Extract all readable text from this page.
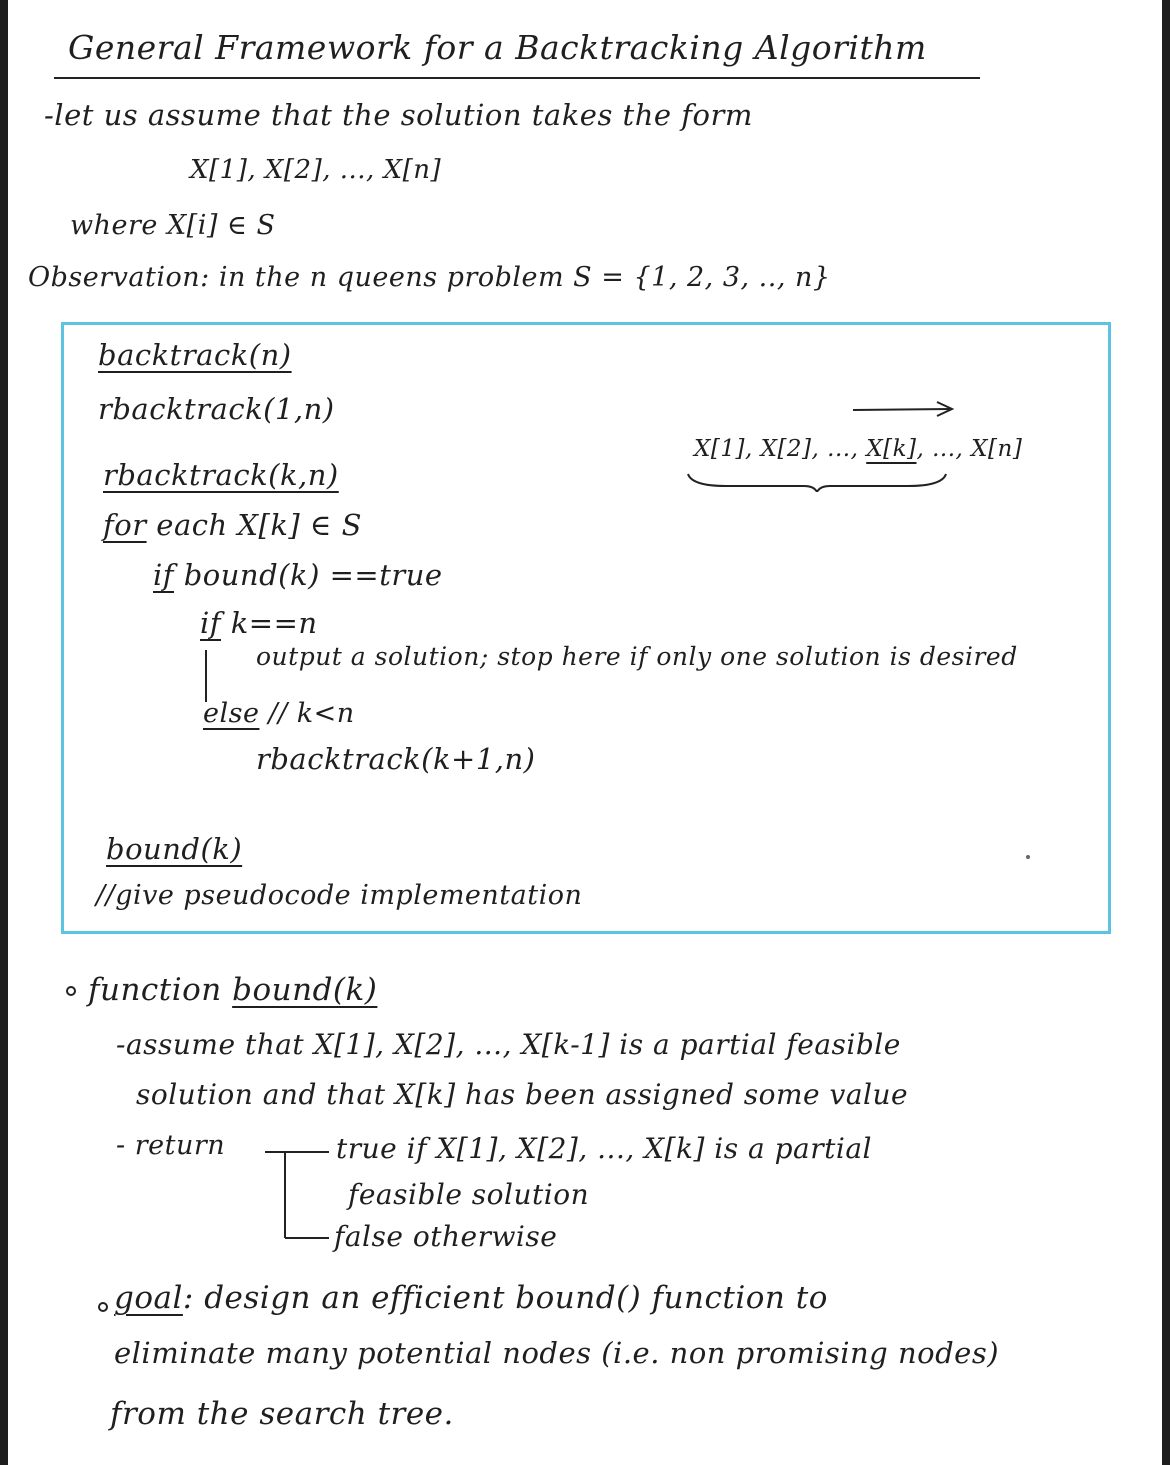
General Framework for a Backtracking Algorithm
-let us assume that the solution takes the form
X[1], X[2], ..., X[n]
where X[i] ∈ S
Observation: in the n queens problem S = {1, 2, 3, .., n}
backtrack(n)
rbacktrack(1,n)
X[1], X[2], ..., X[k], ..., X[n]
rbacktrack(k,n)
for each X[k] ∈ S
if bound(k) ==true
if k==n
output a solution; stop here if only one solution is desired
else // k<n
rbacktrack(k+1,n)
bound(k)
//give pseudocode implementation
function bound(k)
-assume that X[1], X[2], ..., X[k-1] is a partial feasible
solution and that X[k] has been assigned some value
- return	true if X[1], X[2], ..., X[k] is a partial
feasible solution
false otherwise
goal: design an efficient bound() function to
eliminate many potential nodes (i.e. non promising nodes)
from the search tree.
